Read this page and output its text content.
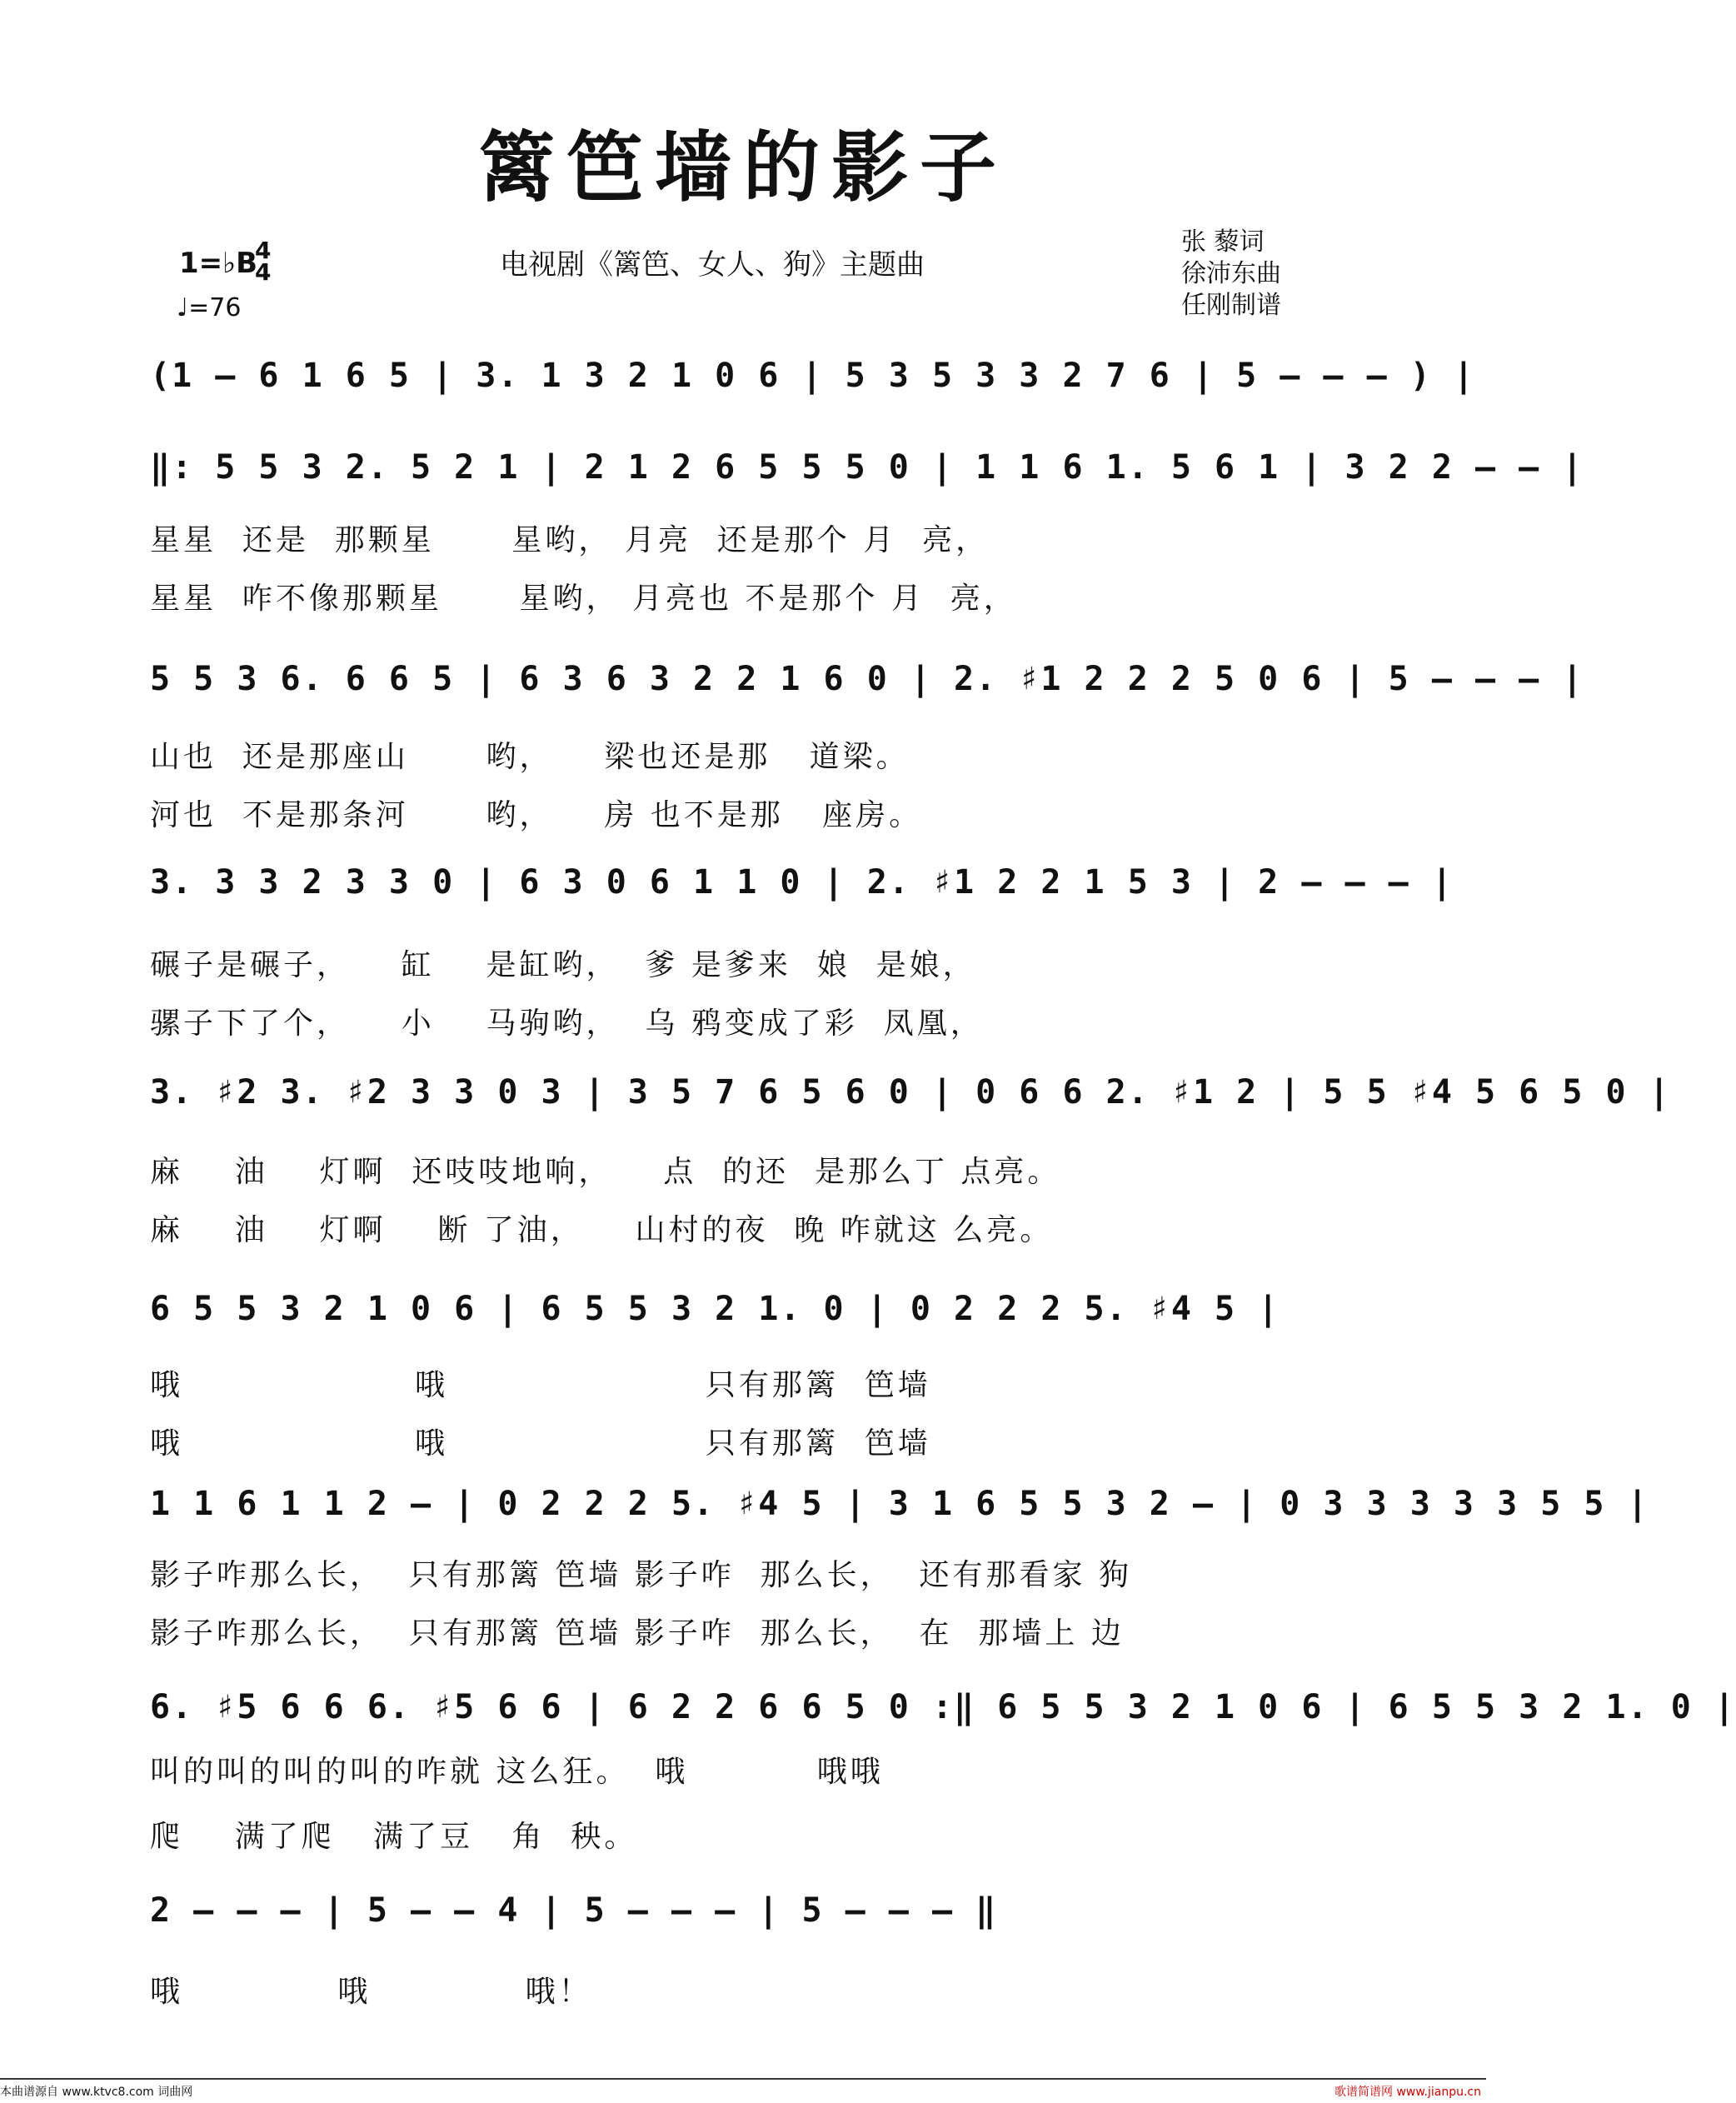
篱笆墙的影子
1=♭B
4
4
♩=76
电视剧《篱笆、女人、狗》主题曲
张 藜词
徐沛东曲
任刚制谱
(1 – 6 1 6 5 | 3. 1 3 2 1 0 6 | 5 3 5 3 3 2 7 6 | 5 – – – ) |
‖: 5 5 3 2. 5 2 1 | 2 1 2 6 5 5 5 0 | 1 1 6 1. 5 6 1 | 3 2 2 – – |
星星  还是  那颗星      星哟， 月亮  还是那个 月  亮，
星星  咋不像那颗星      星哟， 月亮也 不是那个 月  亮，
5 5 3 6. 6 6 5 | 6 3 6 3 2 2 1 6 0 | 2. ♯1 2 2 2 5 0 6 | 5 – – – |
山也  还是那座山      哟，    梁也还是那   道梁。
河也  不是那条河      哟，    房 也不是那   座房。
3. 3 3 2 3 3 0 | 6 3 0 6 1 1 0 | 2. ♯1 2 2 1 5 3 | 2 – – – |
碾子是碾子，    缸    是缸哟，  爹 是爹来  娘  是娘，
骡子下了个，    小    马驹哟，  乌 鸦变成了彩  凤凰，
3. ♯2 3. ♯2 3 3 0 3 | 3 5 7 6 5 6 0 | 0 6 6 2. ♯1 2 | 5 5 ♯4 5 6 5 0 |
麻    油    灯啊  还吱吱地响，    点  的还  是那么丁 点亮。
麻    油    灯啊    断 了油，    山村的夜  晚 咋就这 么亮。
6 5 5 3 2 1 0 6 | 6 5 5 3 2 1. 0 | 0 2 2 2 5. ♯4 5 |
哦                  哦                    只有那篱  笆墙
哦                  哦                    只有那篱  笆墙
1 1 6 1 1 2 – | 0 2 2 2 5. ♯4 5 | 3 1 6 5 5 3 2 – | 0 3 3 3 3 3 5 5 |
影子咋那么长，  只有那篱 笆墙 影子咋  那么长，  还有那看家 狗
影子咋那么长，  只有那篱 笆墙 影子咋  那么长，  在  那墙上 边
6. ♯5 6 6 6. ♯5 6 6 | 6 2 2 6 6 5 0 :‖ 6 5 5 3 2 1 0 6 | 6 5 5 3 2 1. 0 |
叫的叫的叫的叫的咋就 这么狂。  哦          哦哦
爬    满了爬   满了豆   角  秧。
2 – – – | 5 – – 4 | 5 – – – | 5 – – – ‖
哦            哦            哦！
本曲谱源自 www.ktvc8.com 词曲网	歌谱简谱网 www.jianpu.cn
